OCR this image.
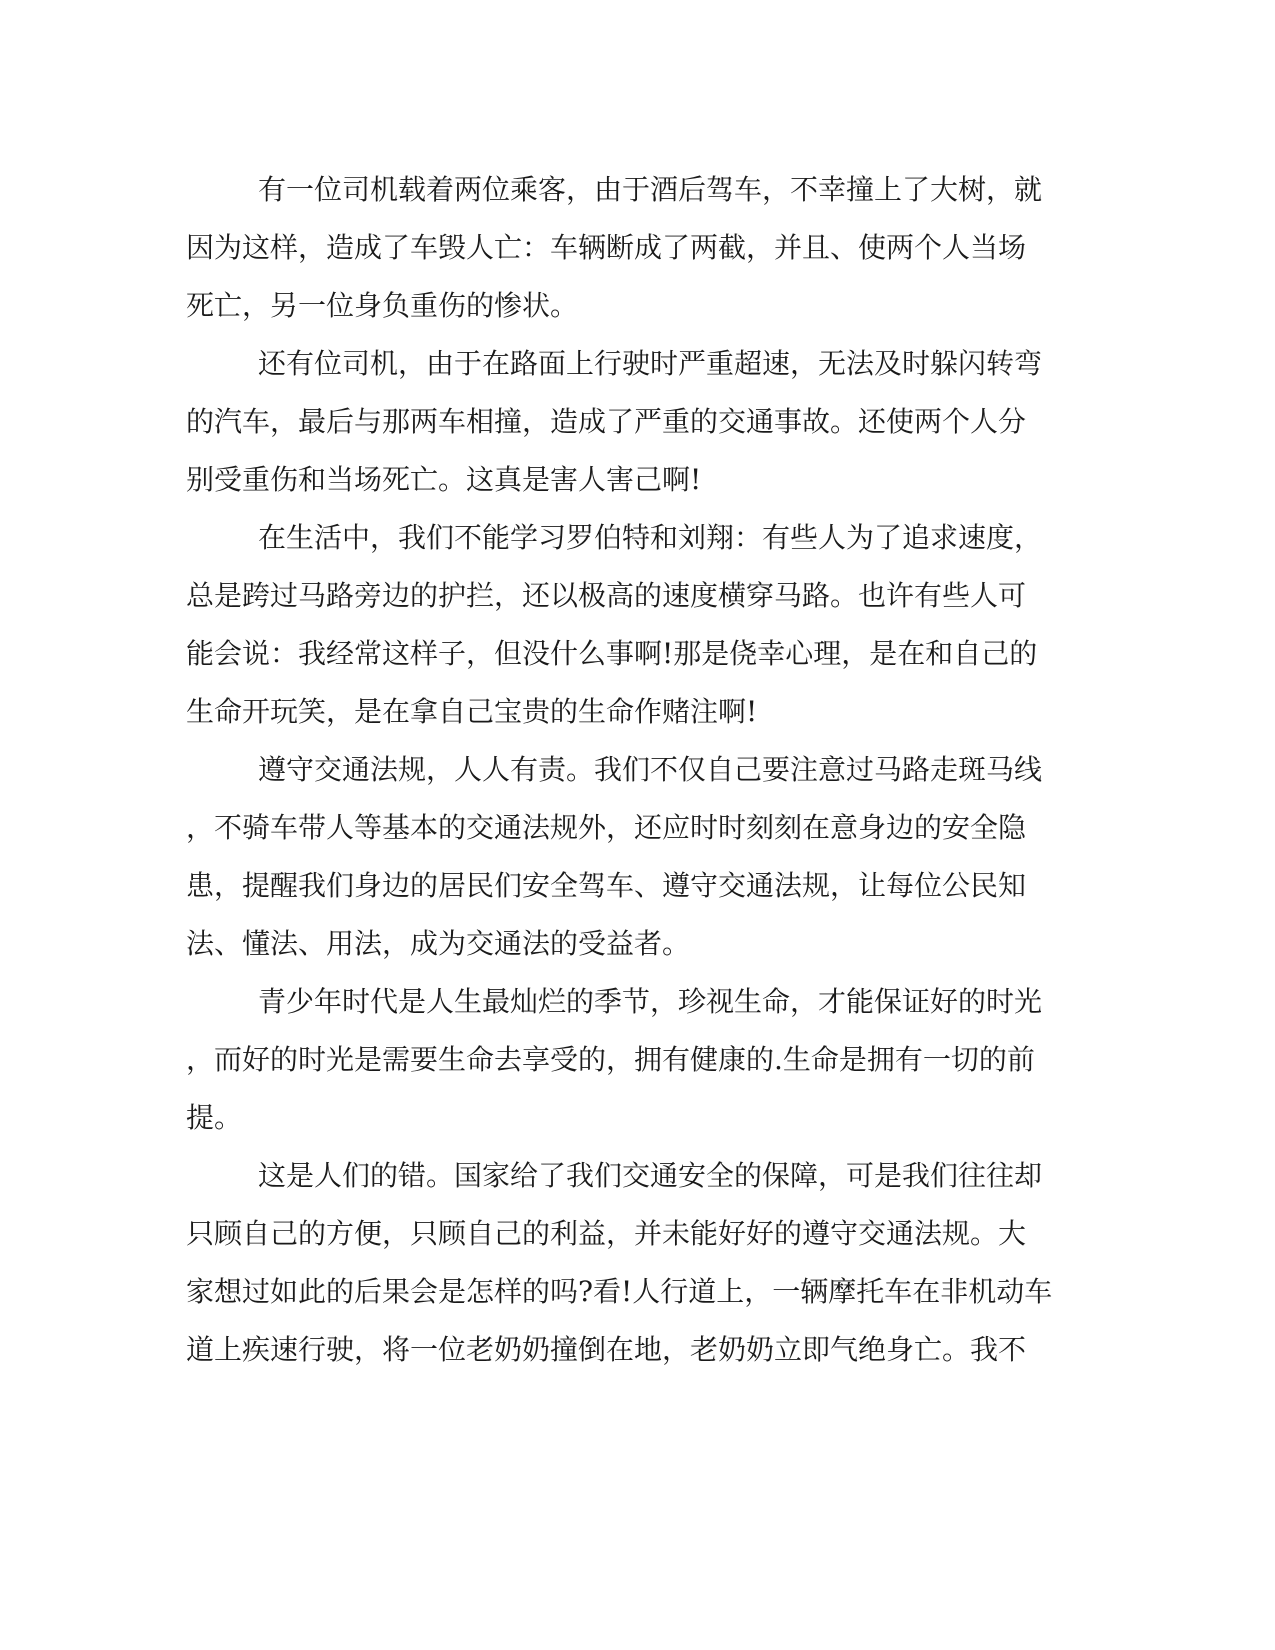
有一位司机载着两位乘客，由于酒后驾车，不幸撞上了大树，就
因为这样，造成了车毁人亡：车辆断成了两截，并且、使两个人当场
死亡，另一位身负重伤的惨状。
还有位司机，由于在路面上行驶时严重超速，无法及时躲闪转弯
的汽车，最后与那两车相撞，造成了严重的交通事故。还使两个人分
别受重伤和当场死亡。这真是害人害己啊!
在生活中，我们不能学习罗伯特和刘翔：有些人为了追求速度，
总是跨过马路旁边的护拦，还以极高的速度横穿马路。也许有些人可
能会说：我经常这样子，但没什么事啊!那是侥幸心理，是在和自己的
生命开玩笑，是在拿自己宝贵的生命作赌注啊!
遵守交通法规，人人有责。我们不仅自己要注意过马路走斑马线
，不骑车带人等基本的交通法规外，还应时时刻刻在意身边的安全隐
患，提醒我们身边的居民们安全驾车、遵守交通法规，让每位公民知
法、懂法、用法，成为交通法的受益者。
青少年时代是人生最灿烂的季节，珍视生命，才能保证好的时光
，而好的时光是需要生命去享受的，拥有健康的.生命是拥有一切的前
提。
这是人们的错。国家给了我们交通安全的保障，可是我们往往却
只顾自己的方便，只顾自己的利益，并未能好好的遵守交通法规。大
家想过如此的后果会是怎样的吗?看!人行道上，一辆摩托车在非机动车
道上疾速行驶，将一位老奶奶撞倒在地，老奶奶立即气绝身亡。我不
